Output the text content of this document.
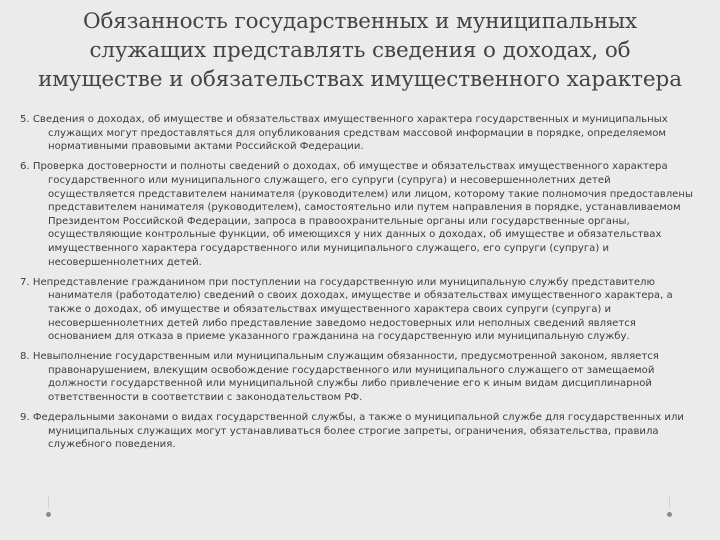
Обязанность государственных и муниципальных служащих представлять сведения о доходах, об имуществе и обязательствах имущественного характера

5. Сведения о доходах, об имуществе и обязательствах имущественного характера государственных и муниципальных служащих могут предоставляться для опубликования средствам массовой информации в порядке, определяемом нормативными правовыми актами Российской Федерации.

6. Проверка достоверности и полноты сведений о доходах, об имуществе и обязательствах имущественного характера государственного или муниципального служащего, его супруги (супруга) и несовершеннолетних детей осуществляется представителем нанимателя (руководителем) или лицом, которому такие полномочия предоставлены представителем нанимателя (руководителем), самостоятельно или путем направления в порядке, устанавливаемом Президентом Российской Федерации, запроса в правоохранительные органы или государственные органы, осуществляющие контрольные функции, об имеющихся у них данных о доходах, об имуществе и обязательствах имущественного характера государственного или муниципального служащего, его супруги (супруга) и несовершеннолетних детей.

7. Непредставление гражданином при поступлении на государственную или муниципальную службу представителю нанимателя (работодателю) сведений о своих доходах, имуществе и обязательствах имущественного характера, а также о доходах, об имуществе и обязательствах имущественного характера своих супруги (супруга) и несовершеннолетних детей либо представление заведомо недостоверных или неполных сведений является основанием для отказа в приеме указанного гражданина на государственную или муниципальную службу.

8. Невыполнение государственным или муниципальным служащим обязанности, предусмотренной законом, является правонарушением, влекущим освобождение государственного или муниципального служащего от замещаемой должности государственной или муниципальной службы либо привлечение его к иным видам дисциплинарной ответственности в соответствии с законодательством РФ.

9. Федеральными законами о видах государственной службы, а также о муниципальной службе для государственных или муниципальных служащих могут устанавливаться более строгие запреты, ограничения, обязательства, правила служебного поведения.
